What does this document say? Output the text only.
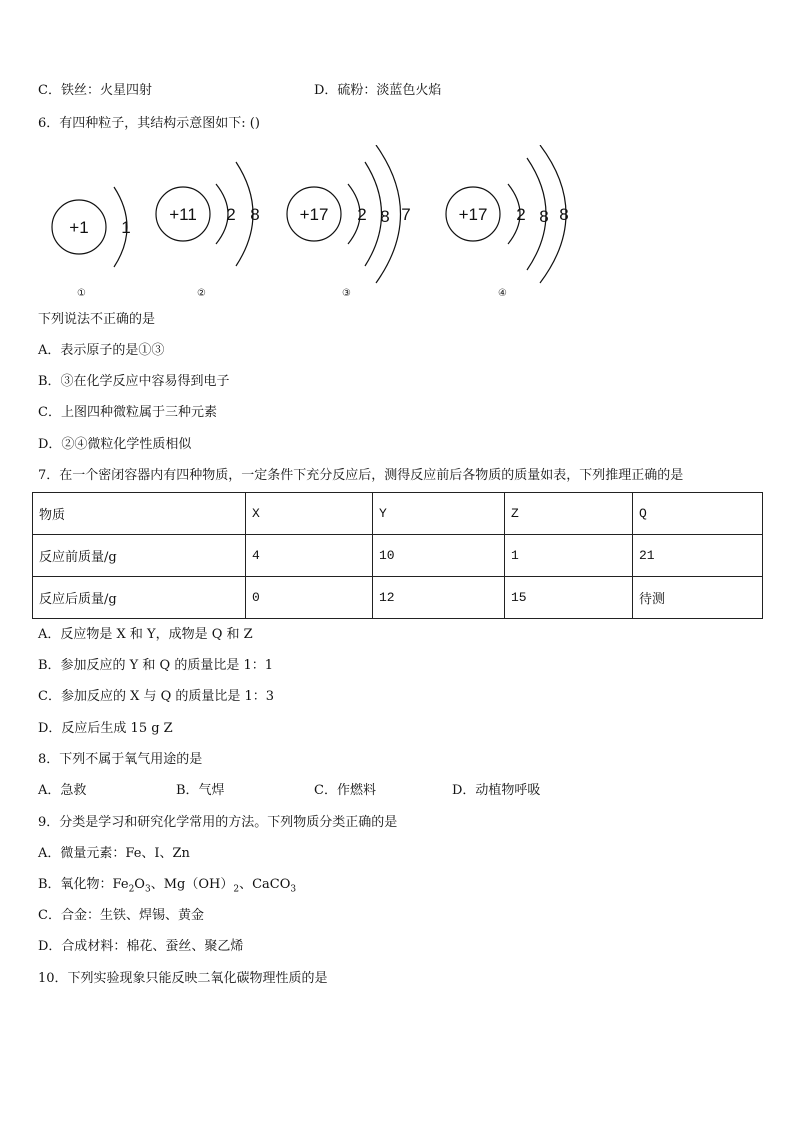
C．铁丝：火星四射	D．硫粉：淡蓝色火焰
6．有四种粒子，其结构示意图如下: ()
+1 1
+11 2 8 +17 2 8 7	+17 2 8 8
①	②	③	④
下列说法不正确的是
A．表示原子的是①③
B．③在化学反应中容易得到电子
C．上图四种微粒属于三种元素
D．②④微粒化学性质相似
7．在一个密闭容器内有四种物质，一定条件下充分反应后，测得反应前后各物质的质量如表，下列推理正确的是
物质	X	Y	Z	Q
反应前质量/g	4	10	1	21
反应后质量/g	0	12	15	待测
A．反应物是 X 和 Y，成物是 Q 和 Z
B．参加反应的 Y 和 Q 的质量比是 1：1
C．参加反应的 X 与 Q 的质量比是 1：3
D．反应后生成 15 g Z
8．下列不属于氧气用途的是
A．急救	B．气焊	C．作燃料	D．动植物呼吸
9．分类是学习和研究化学常用的方法。下列物质分类正确的是
A．微量元素：Fe、I、Zn
B．氧化物：$Fe_2O_3$、$Mg(OH)_2$、CaCO$_3$
C．合金：生铁、焊锡、黄金
D．合成材料：棉花、蚕丝、聚乙烯
10．下列实验现象只能反映二氧化碳物理性质的是
